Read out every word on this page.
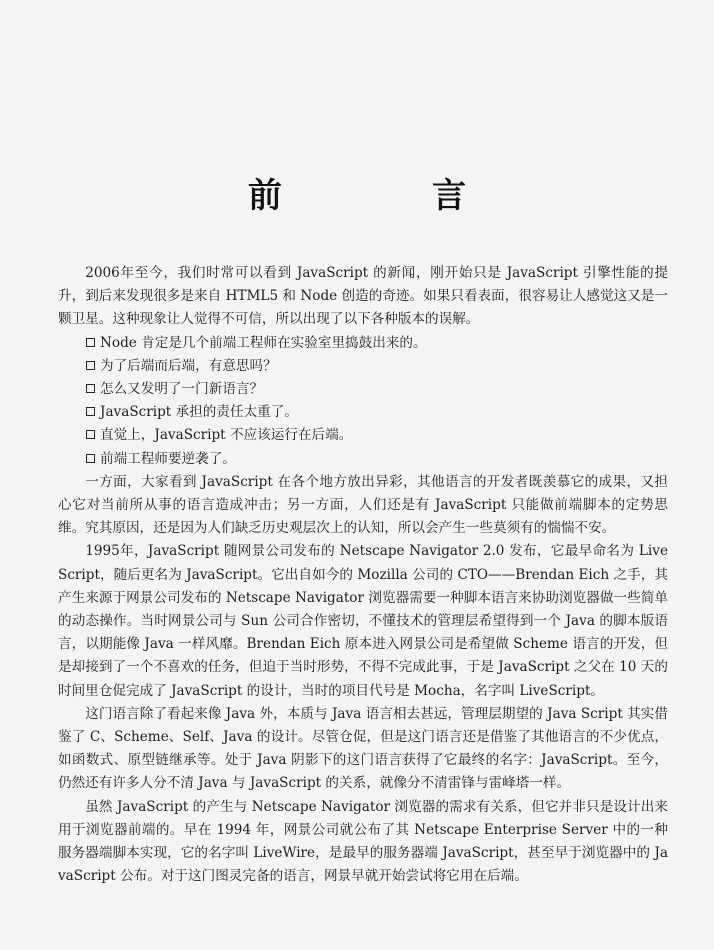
前　言

2006年至今，我们时常可以看到 JavaScript 的新闻，刚开始只是 JavaScript 引擎性能的提升，到后来发现很多是来自 HTML5 和 Node 创造的奇迹。如果只看表面，很容易让人感觉这又是一颗卫星。这种现象让人觉得不可信，所以出现了以下各种版本的误解。

Node 肯定是几个前端工程师在实验室里捣鼓出来的。
为了后端而后端，有意思吗？
怎么又发明了一门新语言？
JavaScript 承担的责任太重了。
直觉上，JavaScript 不应该运行在后端。
前端工程师要逆袭了。

一方面，大家看到 JavaScript 在各个地方放出异彩，其他语言的开发者既羡慕它的成果，又担心它对当前所从事的语言造成冲击；另一方面，人们还是有 JavaScript 只能做前端脚本的定势思维。究其原因，还是因为人们缺乏历史观层次上的认知，所以会产生一些莫须有的惴惴不安。

1995年，JavaScript 随网景公司发布的 Netscape Navigator 2.0 发布，它最早命名为 LiveScript，随后更名为 JavaScript。它出自如今的 Mozilla 公司的 CTO——Brendan Eich 之手，其产生来源于网景公司发布的 Netscape Navigator 浏览器需要一种脚本语言来协助浏览器做一些简单的动态操作。当时网景公司与 Sun 公司合作密切，不懂技术的管理层希望得到一个 Java 的脚本版语言，以期能像 Java 一样风靡。Brendan Eich 原本进入网景公司是希望做 Scheme 语言的开发，但是却接到了一个不喜欢的任务，但迫于当时形势，不得不完成此事，于是 JavaScript 之父在 10 天的时间里仓促完成了 JavaScript 的设计，当时的项目代号是 Mocha，名字叫 LiveScript。

这门语言除了看起来像 Java 外，本质与 Java 语言相去甚远，管理层期望的 Java Script 其实借鉴了 C、Scheme、Self、Java 的设计。尽管仓促，但是这门语言还是借鉴了其他语言的不少优点，如函数式、原型链继承等。处于 Java 阴影下的这门语言获得了它最终的名字：JavaScript。至今，仍然还有许多人分不清 Java 与 JavaScript 的关系，就像分不清雷锋与雷峰塔一样。

虽然 JavaScript 的产生与 Netscape Navigator 浏览器的需求有关系，但它并非只是设计出来用于浏览器前端的。早在 1994 年，网景公司就公布了其 Netscape Enterprise Server 中的一种服务器端脚本实现，它的名字叫 LiveWire，是最早的服务器端 JavaScript，甚至早于浏览器中的 JavaScript 公布。对于这门图灵完备的语言，网景早就开始尝试将它用在后端。
